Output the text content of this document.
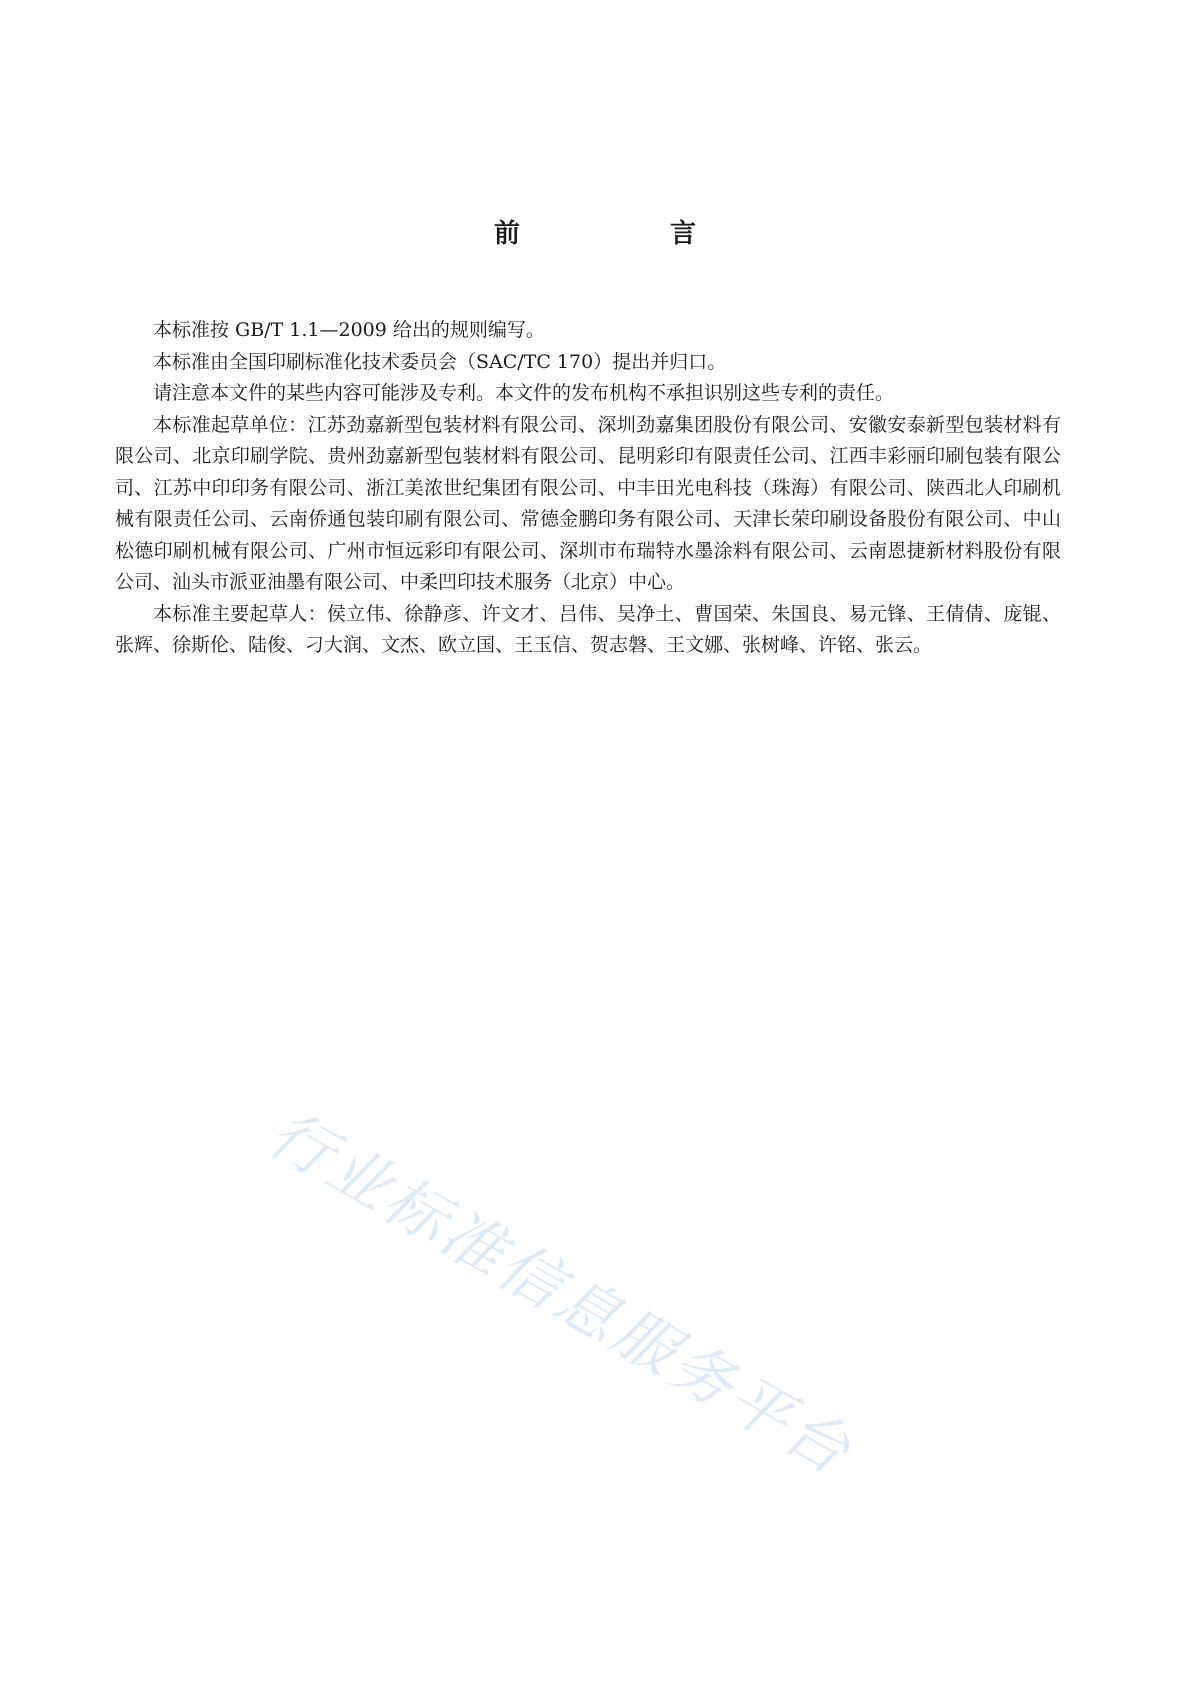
前　言

本标准按 GB/T 1.1—2009 给出的规则编写。

本标准由全国印刷标准化技术委员会（SAC/TC 170）提出并归口。

请注意本文件的某些内容可能涉及专利。本文件的发布机构不承担识别这些专利的责任。

本标准起草单位：江苏劲嘉新型包装材料有限公司、深圳劲嘉集团股份有限公司、安徽安泰新型包装材料有限公司、北京印刷学院、贵州劲嘉新型包装材料有限公司、昆明彩印有限责任公司、江西丰彩丽印刷包装有限公司、江苏中印印务有限公司、浙江美浓世纪集团有限公司、中丰田光电科技（珠海）有限公司、陕西北人印刷机械有限责任公司、云南侨通包装印刷有限公司、常德金鹏印务有限公司、天津长荣印刷设备股份有限公司、中山松德印刷机械有限公司、广州市恒远彩印有限公司、深圳市布瑞特水墨涂料有限公司、云南恩捷新材料股份有限公司、汕头市派亚油墨有限公司、中柔凹印技术服务（北京）中心。

本标准主要起草人：侯立伟、徐静彦、许文才、吕伟、吴净土、曹国荣、朱国良、易元锋、王倩倩、庞锟、张辉、徐斯伦、陆俊、刁大润、文杰、欧立国、王玉信、贺志磐、王文娜、张树峰、许铭、张云。

行业标准信息服务平台
